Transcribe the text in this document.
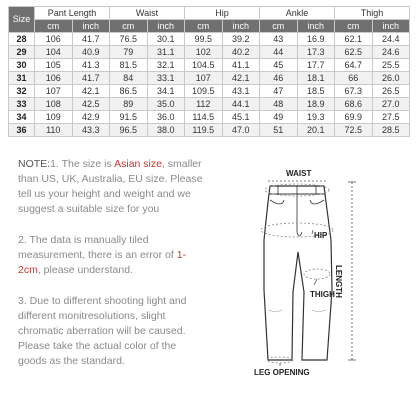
Size	Pant Length		Waist		Hip		Ankle		Thigh	
	cm	inch	cm	inch	cm	inch	cm	inch	cm	inch
28	106	41.7	76.5	30.1	99.5	39.2	43	16.9	62.1	24.4
29	104	40.9	79	31.1	102	40.2	44	17.3	62.5	24.6
30	105	41.3	81.5	32.1	104.5	41.1	45	17.7	64.7	25.5
31	106	41.7	84	33.1	107	42.1	46	18.1	66	26.0
32	107	42.1	86.5	34.1	109.5	43.1	47	18.5	67.3	26.5
33	108	42.5	89	35.0	112	44.1	48	18.9	68.6	27.0
34	109	42.9	91.5	36.0	114.5	45.1	49	19.3	69.9	27.5
36	110	43.3	96.5	38.0	119.5	47.0	51	20.1	72.5	28.5

NOTE:1. The size is Asian size, smaller than US, UK, Australia, EU size. Please tell us your height and weight and we suggest a suitable size for you

2. The data is manually tiled measurement, there is an error of 1-2cm, please understand.

3. Due to different shooting light and different monitresolutions, slight chromatic aberration will be caused. Please take the actual color of the goods as the standard.

WAIST
HIP
THIGH LENGTH
LEG OPENING
